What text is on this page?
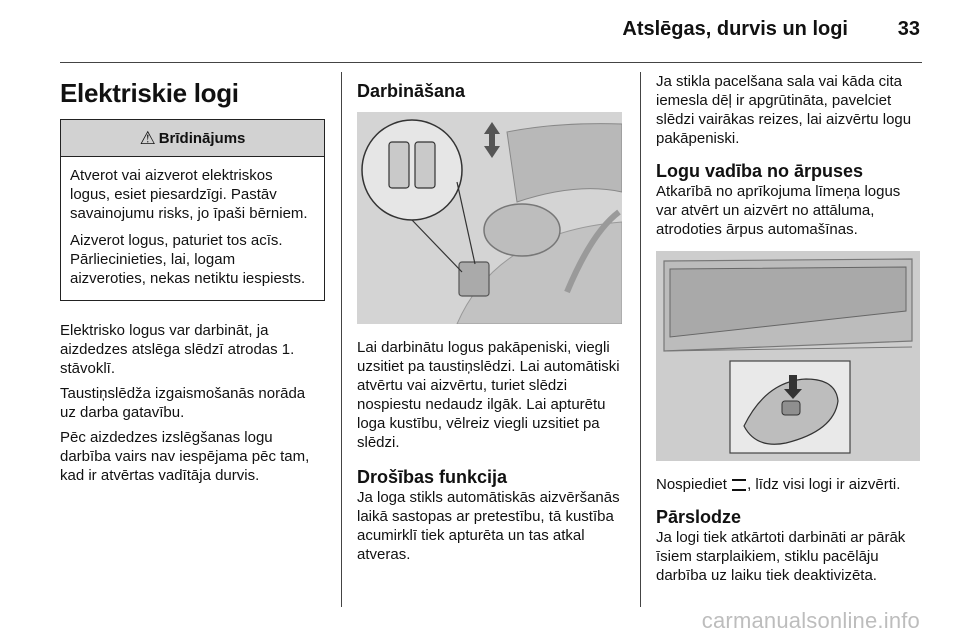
Atslēgas, durvis un logi 33
Elektriskie logi
⚠ Brīdinājums

Atverot vai aizverot elektriskos logus, esiet piesardzīgi. Pastāv savainojumu risks, jo īpaši bērniem.

Aizverot logus, paturiet tos acīs. Pārliecinieties, lai, logam aizveroties, nekas netiktu iespiests.

Elektrisko logus var darbināt, ja aizdedzes atslēga slēdzī atrodas 1. stāvoklī.

Taustiņslēdža izgaismošanās norāda uz darba gatavību.

Pēc aizdedzes izslēgšanas logu darbība vairs nav iespējama pēc tam, kad ir atvērtas vadītāja durvis.

Darbināšana

Lai darbinātu logus pakāpeniski, viegli uzsitiet pa taustiņslēdzi. Lai automātiski atvērtu vai aizvērtu, turiet slēdzi nospiestu nedaudz ilgāk. Lai apturētu loga kustību, vēlreiz viegli uzsitiet pa slēdzi.

Drošības funkcija

Ja loga stikls automātiskās aizvēršanās laikā sastopas ar pretestību, tā kustība acumirklī tiek apturēta un tas atkal atveras.

Ja stikla pacelšana sala vai kāda cita iemesla dēļ ir apgrūtināta, pavelciet slēdzi vairākas reizes, lai aizvērtu logu pakāpeniski.

Logu vadība no ārpuses

Atkarībā no aprīkojuma līmeņa logus var atvērt un aizvērt no attāluma, atrodoties ārpus automašīnas.

Nospiediet , līdz visi logi ir aizvērti.

Pārslodze

Ja logi tiek atkārtoti darbināti ar pārāk īsiem starplaikiem, stiklu pacēlāju darbība uz laiku tiek deaktivizēta.

carmanualsonline.info
